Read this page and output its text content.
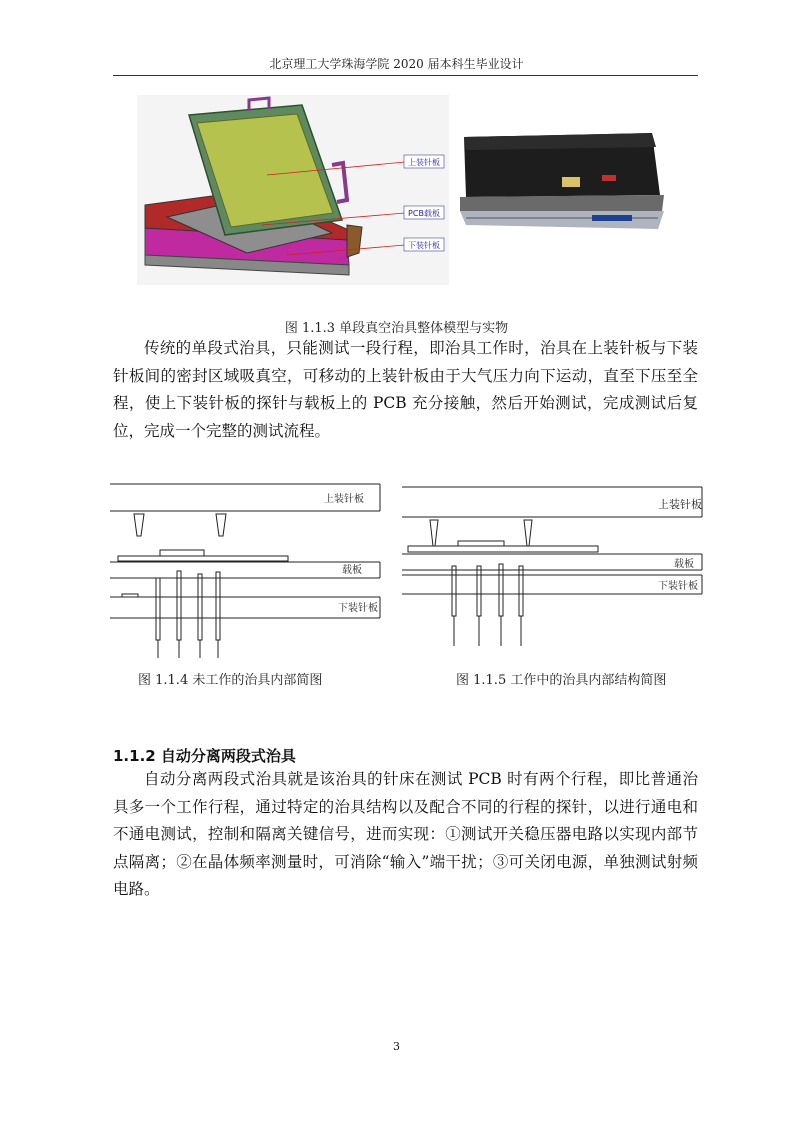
北京理工大学珠海学院 2020 届本科生毕业设计
上装针板
PCB载板
下装针板
图 1.1.3 单段真空治具整体模型与实物

传统的单段式治具，只能测试一段行程，即治具工作时，治具在上装针板与下装针板间的密封区域吸真空，可移动的上装针板由于大气压力向下运动，直至下压至全程，使上下装针板的探针与载板上的 PCB 充分接触，然后开始测试，完成测试后复位，完成一个完整的测试流程。

上装针板
载板
下装针板
上装针板
载板
下装针板
图 1.1.4 未工作的治具内部简图	图 1.1.5 工作中的治具内部结构简图
1.1.2 自动分离两段式治具

自动分离两段式治具就是该治具的针床在测试 PCB 时有两个行程，即比普通治具多一个工作行程，通过特定的治具结构以及配合不同的行程的探针，以进行通电和不通电测试，控制和隔离关键信号，进而实现：①测试开关稳压器电路以实现内部节点隔离；②在晶体频率测量时，可消除“输入”端干扰；③可关闭电源，单独测试射频电路。

3
